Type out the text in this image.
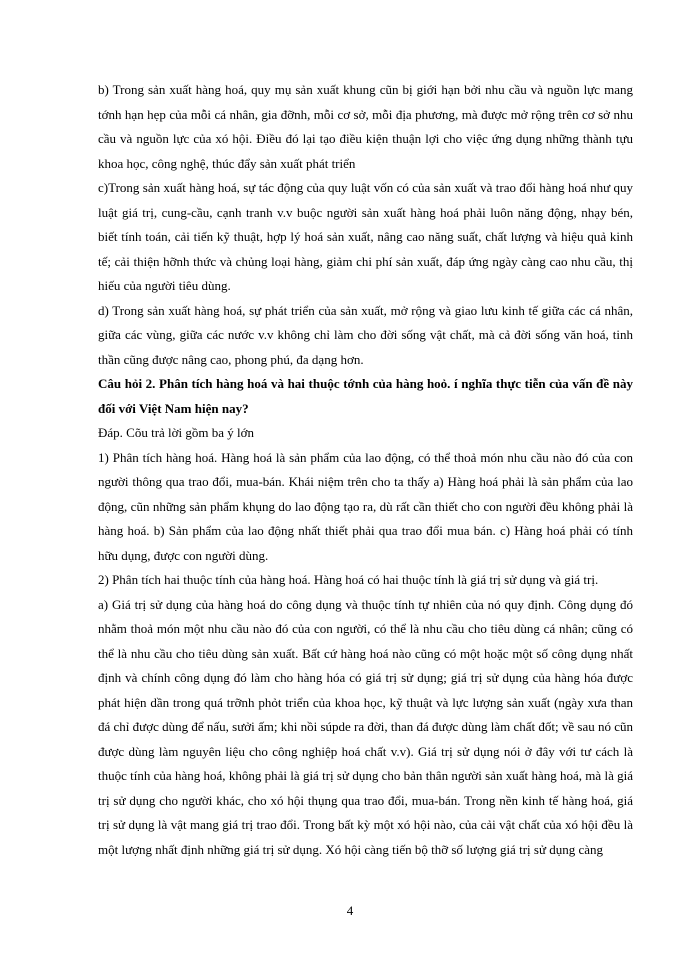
b) Trong sản xuất hàng hoá, quy mụ sản xuất khung cũn bị giới hạn bởi nhu cầu và nguồn lực mang tớnh hạn hẹp của mỗi cá nhân, gia đỡnh, mỗi cơ sở, mỗi địa phương, mà được mở rộng trên cơ sở nhu cầu và nguồn lực của xó hội. Điều đó lại tạo điều kiện thuận lợi cho việc ứng dụng những thành tựu khoa học, công nghệ, thúc đẩy sản xuất phát triển

c)Trong sản xuất hàng hoá, sự tác động của quy luật vốn có của sản xuất và trao đổi hàng hoá như quy luật giá trị, cung-cầu, cạnh tranh v.v buộc người sản xuất hàng hoá phải luôn năng động, nhạy bén, biết tính toán, cải tiến kỹ thuật, hợp lý hoá sản xuất, nâng cao năng suất, chất lượng và hiệu quả kinh tế; cải thiện hỡnh thức và chủng loại hàng, giảm chi phí sản xuất, đáp ứng ngày càng cao nhu cầu, thị hiếu của người tiêu dùng.

d) Trong sản xuất hàng hoá, sự phát triển của sản xuất, mở rộng và giao lưu kinh tế giữa các cá nhân, giữa các vùng, giữa các nước v.v không chỉ làm cho đời sống vật chất, mà cả đời sống văn hoá, tinh thần cũng được nâng cao, phong phú, đa dạng hơn.

Câu hỏi 2. Phân tích hàng hoá và hai thuộc tớnh của hàng hoỏ. í nghĩa thực tiễn của vấn đề này đối với Việt Nam hiện nay?

Đáp. Cõu trả lời gồm ba ý lớn

1) Phân tích hàng hoá. Hàng hoá là sản phẩm của lao động, có thể thoả món nhu cầu nào đó của con người thông qua trao đổi, mua-bán. Khái niệm trên cho ta thấy a) Hàng hoá phải là sản phẩm của lao động, cũn những sản phẩm khụng do lao động tạo ra, dù rất cần thiết cho con người đều không phải là hàng hoá. b) Sản phẩm của lao động nhất thiết phải qua trao đổi mua bán. c) Hàng hoá phải có tính hữu dụng, được con người dùng.

2) Phân tích hai thuộc tính của hàng hoá. Hàng hoá có hai thuộc tính là giá trị sử dụng và giá trị.

a) Giá trị sử dụng của hàng hoá do công dụng và thuộc tính tự nhiên của nó quy định. Công dụng đó nhằm thoả món một nhu cầu nào đó của con người, có thể là nhu cầu cho tiêu dùng cá nhân; cũng có thể là nhu cầu cho tiêu dùng sản xuất. Bất cứ hàng hoá nào cũng có một hoặc một số công dụng nhất định và chính công dụng đó làm cho hàng hóa có giá trị sử dụng; giá trị sử dụng của hàng hóa được phát hiện dần trong quá trỡnh phỏt triển của khoa học, kỹ thuật và lực lượng sản xuất (ngày xưa than đá chỉ được dùng để nấu, sưởi ấm; khi nồi súpde ra đời, than đá được dùng làm chất đốt; về sau nó cũn được dùng làm nguyên liệu cho công nghiệp hoá chất v.v). Giá trị sử dụng nói ở đây với tư cách là thuộc tính của hàng hoá, không phải là giá trị sử dụng cho bản thân người sản xuất hàng hoá, mà là giá trị sử dụng cho người khác, cho xó hội thụng qua trao đổi, mua-bán. Trong nền kinh tế hàng hoá, giá trị sử dụng là vật mang giá trị trao đổi. Trong bất kỳ một xó hội nào, của cải vật chất của xó hội đều là một lượng nhất định những giá trị sử dụng. Xó hội càng tiến bộ thỡ số lượng giá trị sử dụng càng

4
